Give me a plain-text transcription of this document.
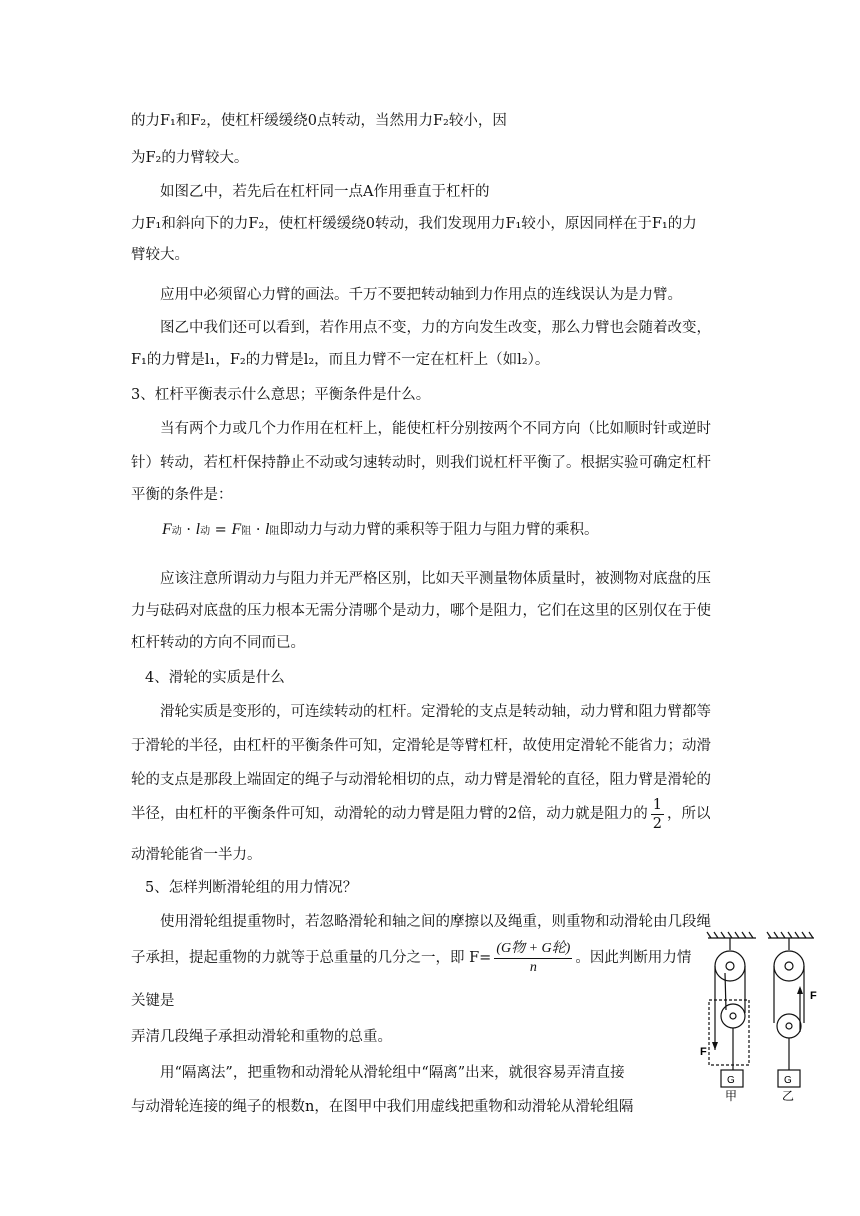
的力F₁和F₂，使杠杆缓缓绕0点转动，当然用力F₂较小，因
为F₂的力臂较大。
如图乙中，若先后在杠杆同一点A作用垂直于杠杆的
力F₁和斜向下的力F₂，使杠杆缓缓绕0转动，我们发现用力F₁较小，原因同样在于F₁的力
臂较大。
应用中必须留心力臂的画法。千万不要把转动轴到力作用点的连线误认为是力臂。
图乙中我们还可以看到，若作用点不变，力的方向发生改变，那么力臂也会随着改变，
F₁的力臂是l₁，F₂的力臂是l₂，而且力臂不一定在杠杆上（如l₂）。
3、杠杆平衡表示什么意思；平衡条件是什么。
当有两个力或几个力作用在杠杆上，能使杠杆分别按两个不同方向（比如顺时针或逆时
针）转动，若杠杆保持静止不动或匀速转动时，则我们说杠杆平衡了。根据实验可确定杠杆
平衡的条件是：
F动 · l动 = F阻 · l阻即动力与动力臂的乘积等于阻力与阻力臂的乘积。
应该注意所谓动力与阻力并无严格区别，比如天平测量物体质量时，被测物对底盘的压
力与砝码对底盘的压力根本无需分清哪个是动力，哪个是阻力，它们在这里的区别仅在于使
杠杆转动的方向不同而已。
4、滑轮的实质是什么
滑轮实质是变形的，可连续转动的杠杆。定滑轮的支点是转动轴，动力臂和阻力臂都等
于滑轮的半径，由杠杆的平衡条件可知，定滑轮是等臂杠杆，故使用定滑轮不能省力；动滑
轮的支点是那段上端固定的绳子与动滑轮相切的点，动力臂是滑轮的直径，阻力臂是滑轮的
半径，由杠杆的平衡条件可知，动滑轮的动力臂是阻力臂的2倍，动力就是阻力的 $\frac{1}{2}$ ，所以
动滑轮能省一半力。
5、怎样判断滑轮组的用力情况？
使用滑轮组提重物时，若忽略滑轮和轴之间的摩擦以及绳重，则重物和动滑轮由几段绳
子承担，提起重物的力就等于总重量的几分之一，即 $F= \frac{\text{(G物 + G轮)}}{n}$ 。因此判断用力情
关键是
弄清几段绳子承担动滑轮和重物的总重。
用“隔离法”，把重物和动滑轮从滑轮组中“隔离”出来，就很容易弄清直接
与动滑轮连接的绳子的根数n，在图甲中我们用虚线把重物和动滑轮从滑轮组隔
F
F
G	G
甲	乙
